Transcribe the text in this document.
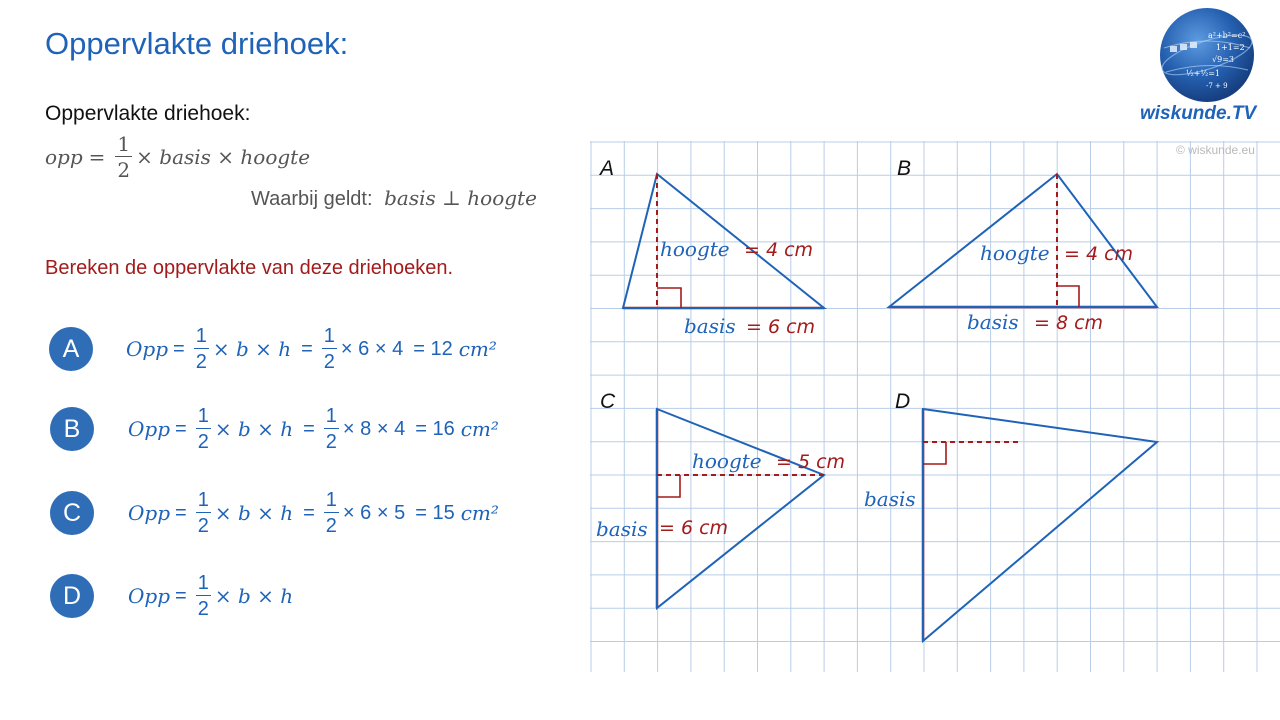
A
hoogte = 4 cm
basis = 6 cm
B
hoogte = 4 cm
basis = 8 cm
C
hoogte = 5 cm
basis = 6 cm
D
basis
Oppervlakte driehoek:
Oppervlakte driehoek:
opp = $\frac{1}{2}$ × basis × hoogte
Waarbij geldt: basis ⊥ hoogte
Bereken de oppervlakte van deze driehoeken.
A	Opp = $\frac{1}{2} \times b \times h = \frac{1}{2} \times 6 \times 4 = 12$ cm²
B	Opp = $\frac{1}{2} \times b \times h = \frac{1}{2} \times 8 \times 4 = 16$ cm²
C	Opp = $\frac{1}{2} \times b \times h = \frac{1}{2} \times 6 \times 5 = 15$ cm²
D	Opp = $\frac{1}{2} \times b \times h$
a²+b²=c²
1+1=2
√9=3
½+½=1
-7 + 9
wiskunde.TV
© wiskunde.eu
